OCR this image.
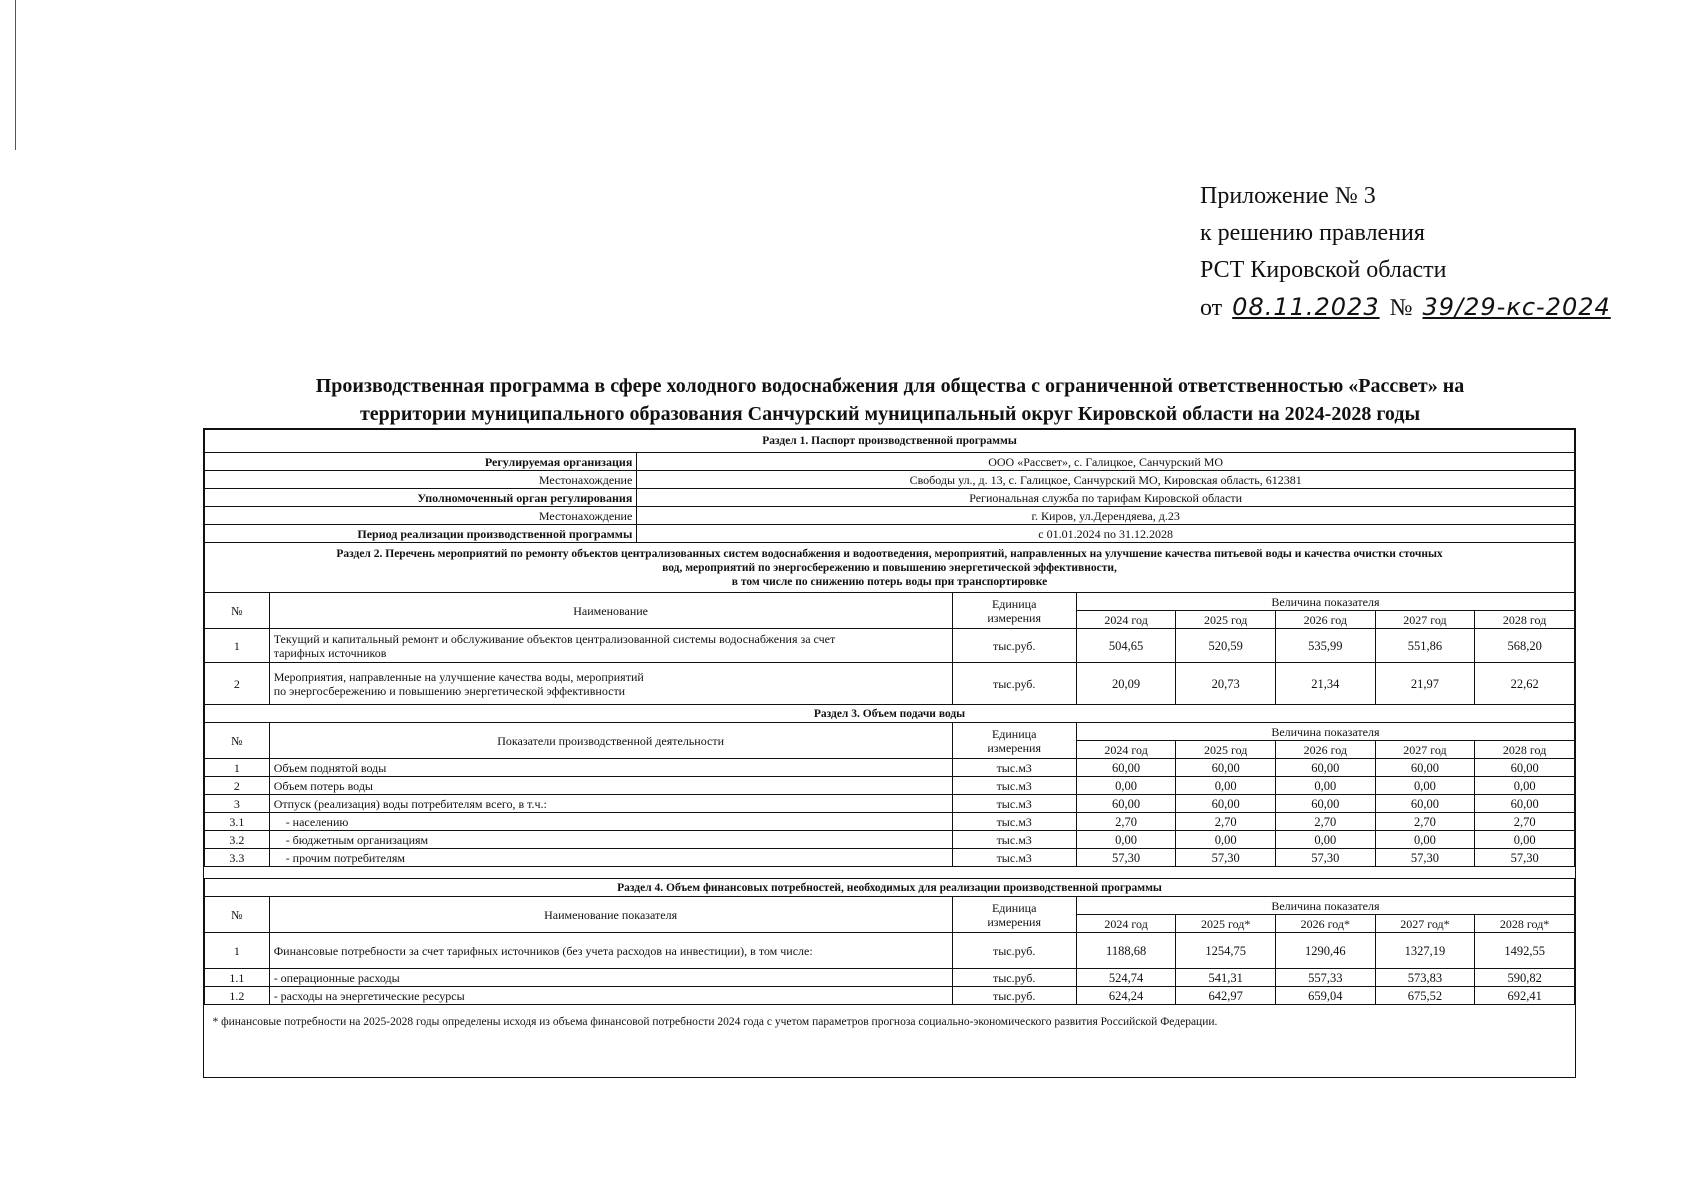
Приложение № 3
к решению правления
РСТ Кировской области
от 08.11.2023 № 39/29-кс-2024
Производственная программа в сфере холодного водоснабжения для общества с ограниченной ответственностью «Рассвет» на
территории муниципального образования Санчурский муниципальный округ Кировской области на 2024-2028 годы
Раздел 1. Паспорт производственной программы								
Регулируемая организация		ООО «Рассвет», с. Галицкое, Санчурский МО						
Местонахождение		Свободы ул., д. 13, с. Галицкое, Санчурский МО, Кировская область, 612381						
Уполномоченный орган регулирования		Региональная служба по тарифам Кировской области						
Местонахождение		г. Киров, ул.Дерендяева, д.23						
Период реализации производственной программы		с 01.01.2024 по 31.12.2028						

Раздел 2. Перечень мероприятий по ремонту объектов централизованных систем водоснабжения и водоотведения, мероприятий, направленных на улучшение качества питьевой воды и качества очистки сточных
вод, мероприятий по энергосбережению и повышению энергетической эффективности,
в том числе по снижению потерь воды при транспортировке								

№	Наименование		Единица
измерения	Величина показателя				
				2024 год	2025 год	2026 год	2027 год	2028 год
1	Текущий и капитальный ремонт и обслуживание объектов централизованной системы водоснабжения за счет
тарифных источников		тыс.руб.	504,65	520,59	535,99	551,86	568,20
2	Мероприятия, направленные на улучшение качества воды, мероприятий
по энергосбережению и повышению энергетической эффективности		тыс.руб.	20,09	20,73	21,34	21,97	22,62
Раздел 3. Объем подачи воды								
№	Показатели производственной деятельности		Единица
измерения	Величина показателя				
				2024 год	2025 год	2026 год	2027 год	2028 год
1	Объем поднятой воды		тыс.м3	60,00	60,00	60,00	60,00	60,00
2	Объем потерь воды		тыс.м3	0,00	0,00	0,00	0,00	0,00
3	Отпуск (реализация) воды потребителям всего, в т.ч.:		тыс.м3	60,00	60,00	60,00	60,00	60,00
3.1	- населению		тыс.м3	2,70	2,70	2,70	2,70	2,70
3.2	- бюджетным организациям		тыс.м3	0,00	0,00	0,00	0,00	0,00
3.3	- прочим потребителям		тыс.м3	57,30	57,30	57,30	57,30	57,30

Раздел 4. Объем финансовых потребностей, необходимых для реализации производственной программы								
№	Наименование показателя		Единица
измерения	Величина показателя				
				2024 год	2025 год*	2026 год*	2027 год*	2028 год*
1	Финансовые потребности за счет тарифных источников (без учета расходов на инвестиции), в том числе:		тыс.руб.	1188,68	1254,75	1290,46	1327,19	1492,55
1.1	- операционные расходы		тыс.руб.	524,74	541,31	557,33	573,83	590,82
1.2	- расходы на энергетические ресурсы		тыс.руб.	624,24	642,97	659,04	675,52	692,41
* финансовые потребности на 2025-2028 годы определены исходя из объема финансовой потребности 2024 года с учетом параметров прогноза социально-экономического развития Российской Федерации.								
